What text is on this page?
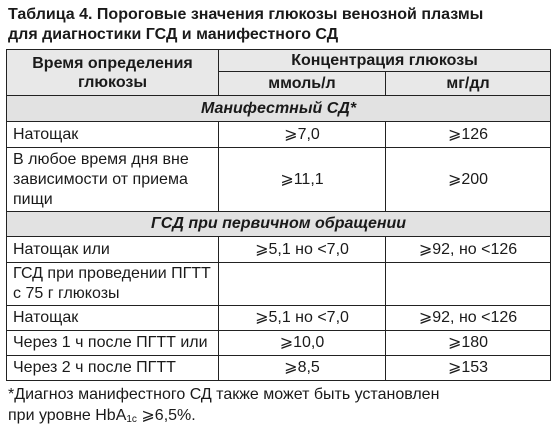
Таблица 4. Пороговые значения глюкозы венозной плазмы
для диагностики ГСД и манифестного СД
Время определения глюкозы	Концентрация глюкозы	
	ммоль/л	мг/дл
Манифестный СД*		
Натощак	⩾7,0	⩾126
В любое время дня вне зависимости от приема пищи	⩾11,1	⩾200
ГСД при первичном обращении		
Натощак или	⩾5,1 но <7,0	⩾92, но <126
ГСД при проведении ПГТТ с 75 г глюкозы		
Натощак	⩾5,1 но <7,0	⩾92, но <126
Через 1 ч после ПГТТ или	⩾10,0	⩾180
Через 2 ч после ПГТТ	⩾8,5	⩾153
*Диагноз манифестного СД также может быть установлен
при уровне HbA$_{1c}$ ⩾6,5%.
